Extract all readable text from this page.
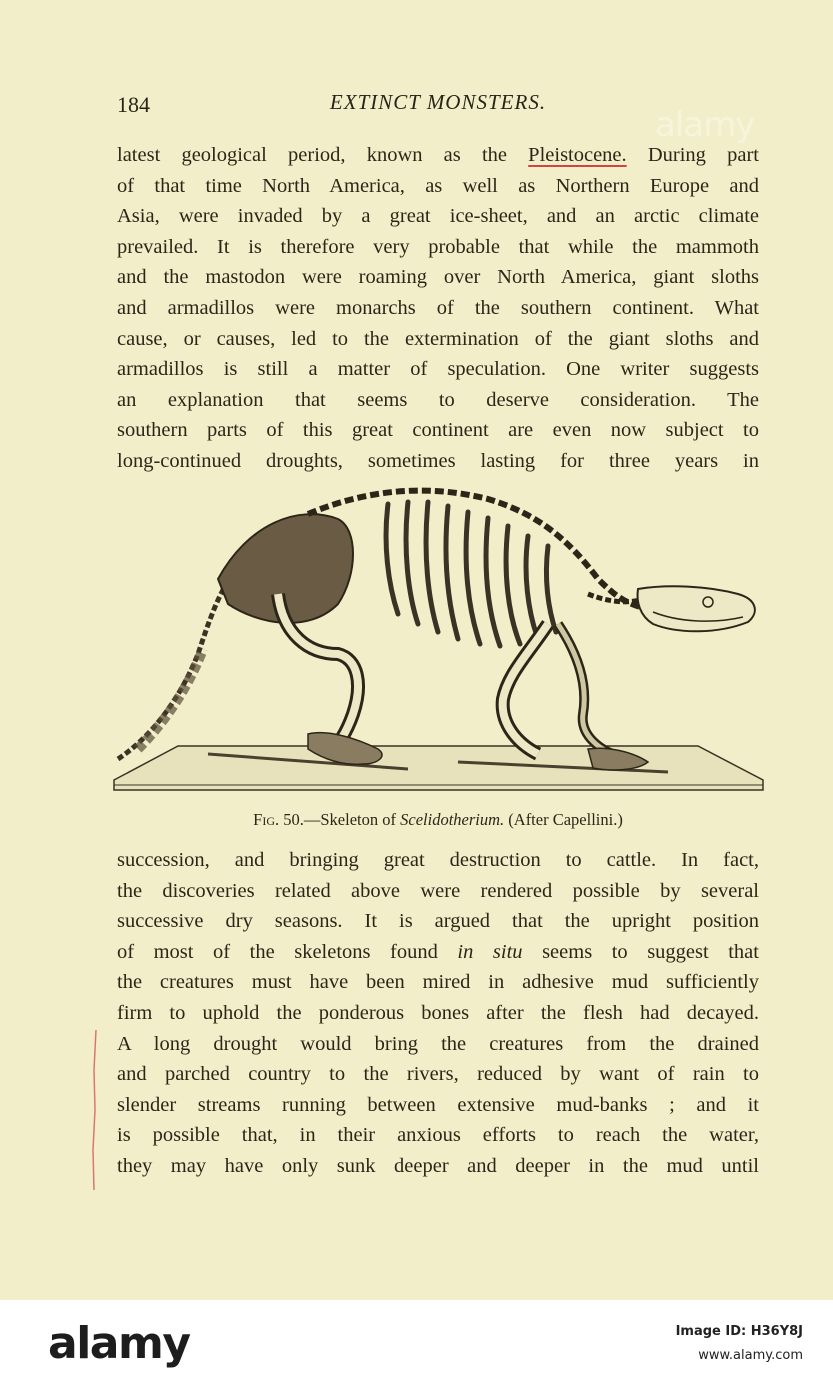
alamy
184	EXTINCT MONSTERS.
latest geological period, known as the Pleistocene. During part
of that time North America, as well as Northern Europe and
Asia, were invaded by a great ice-sheet, and an arctic climate
prevailed. It is therefore very probable that while the mammoth
and the mastodon were roaming over North America, giant sloths
and armadillos were monarchs of the southern continent. What
cause, or causes, led to the extermination of the giant sloths and
armadillos is still a matter of speculation. One writer suggests
an explanation that seems to deserve consideration. The
southern parts of this great continent are even now subject to
long-continued droughts, sometimes lasting for three years in
Fig. 50.—Skeleton of Scelidotherium. (After Capellini.)
succession, and bringing great destruction to cattle. In fact,
the discoveries related above were rendered possible by several
successive dry seasons. It is argued that the upright position
of most of the skeletons found in situ seems to suggest that
the creatures must have been mired in adhesive mud sufficiently
firm to uphold the ponderous bones after the flesh had decayed.
A long drought would bring the creatures from the drained
and parched country to the rivers, reduced by want of rain to
slender streams running between extensive mud-banks ; and it
is possible that, in their anxious efforts to reach the water,
they may have only sunk deeper and deeper in the mud until
alamy	Image ID: H36Y8J
www.alamy.com
